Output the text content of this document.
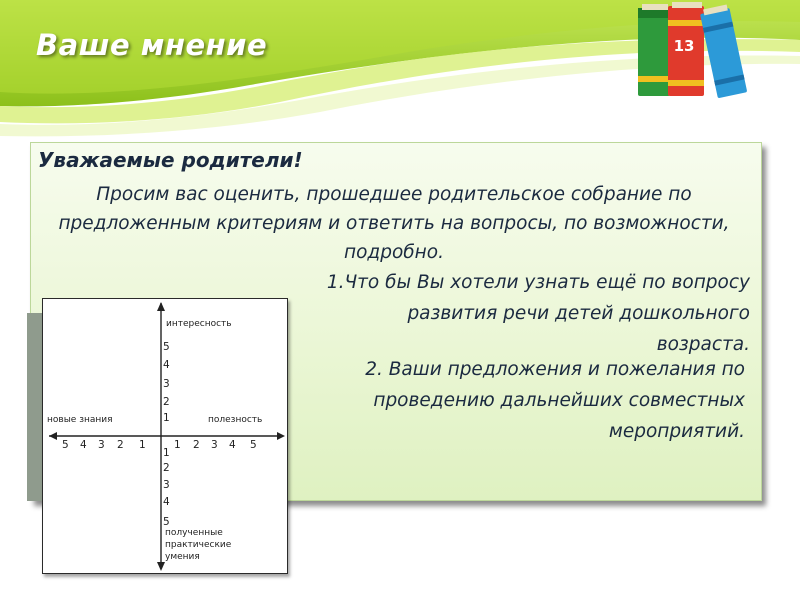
Ваше мнение	13
Уважаемые родители!
Просим вас оценить, прошедшее родительское собрание по предложенным критериям и ответить на вопросы, по возможности, подробно.
1.Что бы Вы хотели узнать ещё по вопросу развития речи детей дошкольного возраста.
2. Ваши предложения и пожелания по проведению дальнейших совместных мероприятий.
интересность
новые знания	полезность
полученные
практические
умения
5
4
3
2
1
5 4 3 2 1	1 2 3 4 5
1
2
3
4
5
